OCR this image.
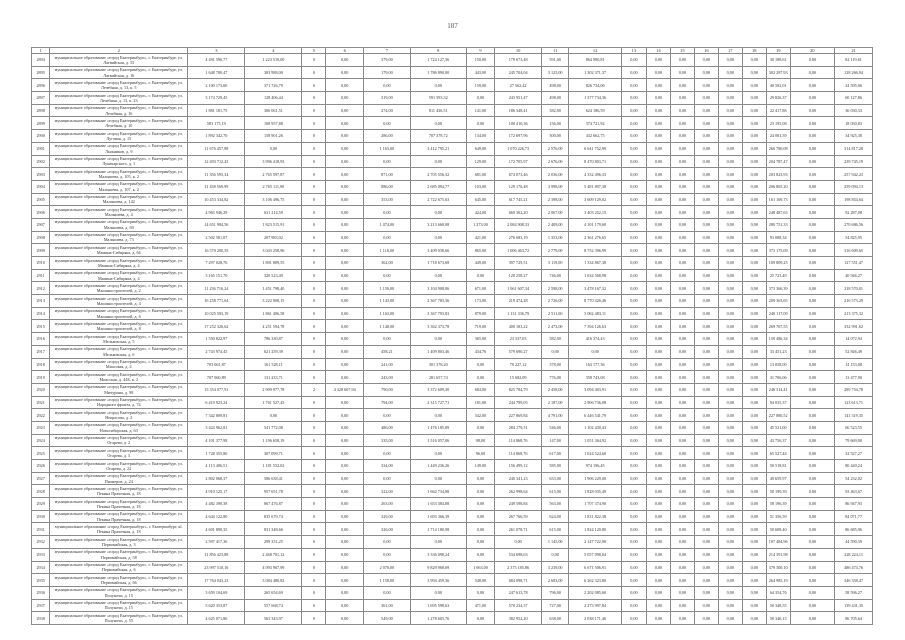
187
1	2	3	4	5	6	7	8	9	10	11	12	13	14	15	16	17	18	19	20	21
2894	муниципальное образование «город Екатеринбург», г. Екатеринбург, ул. Латвийская, д. 55	4 491 596,77	1 223 510,00	0	0,00	379,00	1 724 127,36	150,00	179 673,48	591,00	864 980,81	0,00	0,00	0,00	0,00	0,00	0,00	30 188,61	0,00	82 119,61
2895	муниципальное образование «город Екатеринбург», г. Екатеринбург, ул. Латвийская, д. 16	1 648 700,47	383 988,00	0	0,00	179,00	1 786 890,00	443,00	245 704,04	3 125,00	1 302 371,37	0,00	0,00	0,00	0,00	0,00	0,00	302 297,93	0,00	128 266,94
2896	муниципальное образование «город Екатеринбург», г. Екатеринбург, ул. Лечебная, д. 13, к. 5	2 100 173,60	371 726,79	0	0,00	0,00	0,00	159,00	27 562,42	498,00	826 734,06	0,00	0,00	0,00	0,00	0,00	0,00	40 582,01	0,00	24 595,06
2897	муниципальное образование «город Екатеринбург», г. Екатеринбург, ул. Лечебная, д. 13, к. 23	3 174 729,45	128 406,44	0	0,00	319,00	591 593,32	0,00	243 951,47	498,00	1 377 734,36	0,00	0,00	0,00	0,00	0,00	0,00	29 826,37	0,00	60 127,86
2898	муниципальное образование «город Екатеринбург», г. Екатеринбург, ул. Лечебная, д. 16	1 881 181,75	306 061,51	0	0,00	274,00	811 436,51	141,00	186 348,41	382,00	624 186,59	0,00	0,00	0,00	0,00	0,00	0,00	22 417,86	0,00	36 030,33
2899	муниципальное образование «город Екатеринбург», г. Екатеринбург, ул. Лечебная, д. 10	583 175,19	108 957,88	0	0,00	0,00	0,00	0,00	100 410,36	156,00	374 721,92	0,00	0,00	0,00	0,00	0,00	0,00	23 195,08	0,00	18 030,83
2900	муниципальное образование «город Екатеринбург», г. Екатеринбург, ул. Луговая, д. 15	1 892 342,70	158 901,26	0	0,00	286,00	707 378,72	134,00	172 697,96	300,00	432 662,75	0,00	0,00	0,00	0,00	0,00	0,00	24 081,39	0,00	34 925,38
2901	муниципальное образование «город Екатеринбург», г. Екатеринбург, ул. Лыжников, д. 9	11 676 457,98	0,00	0	0,00	1 163,00	3 412 795,21	649,00	1 070 226,73	2 576,00	6 641 752,99	0,00	0,00	0,00	0,00	0,00	0,00	266 780,08	0,00	314 817,28
2902	муниципальное образование «город Екатеринбург», г. Екатеринбург, ул. Луначарского, д. 1	12 493 712,43	3 996 418,93	0	0,00	0,00	0,00	129,00	172 705,97	2 676,00	8 470 803,71	0,00	0,00	0,00	0,00	0,00	0,00	204 787,47	0,00	239 745,19
2903	муниципальное образование «город Екатеринбург», г. Екатеринбург, ул. Малышева, д. 105, к. 2	11 356 595,34	2 765 597,87	0	0,00	871,00	2 705 556,32	681,00	674 073,46	2 036,00	4 352 496,33	0,00	0,00	0,00	0,00	0,00	0,00	203 823,93	0,00	257 942,23
2904	муниципальное образование «город Екатеринбург», г. Екатеринбург, ул. Малышева, д. 107, к. 2	11 438 569,99	2 765 111,90	0	0,00	886,00	2 685 094,77	103,00	129 176,48	3 998,00	5 481 807,38	0,00	0,00	0,00	0,00	0,00	0,00	206 865,20	0,00	259 094,13
2905	муниципальное образование «город Екатеринбург», г. Екатеринбург, ул. Малышева, д. 142	10 453 334,82	3 106 496,75	0	0,00	353,00	2 722 675,63	645,00	617 745,21	2 398,00	3 609 129,02	0,00	0,00	0,00	0,00	0,00	0,00	161 169,73	0,00	198 854,64
2906	муниципальное образование «город Екатеринбург», г. Екатеринбург, ул. Малышева, д. 4	4 963 946,29	631 214,59	0	0,00	0,00	0,00	424,00	669 302,20	2 067,00	3 403 252,15	0,00	0,00	0,00	0,00	0,00	0,00	248 487,63	0,00	92 287,08
2907	муниципальное образование «город Екатеринбург», г. Екатеринбург, ул. Малышева, д. 69	14 651 984,56	1 823 515,91	0	0,00	1 074,00	3 213 660,08	1 273,00	2 084 908,33	2 409,00	4 101 179,60	0,00	0,00	0,00	0,00	0,00	0,00	280 751,33	0,00	270 686,56
2908	муниципальное образование «город Екатеринбург», г. Екатеринбург, ул. Малышева, д. 73	2 502 581,07	207 983,02	0	0,00	0,00	0,00	421,00	276 683,19	1 353,00	2 361 276,65	0,00	0,00	0,00	0,00	0,00	0,00	93 088,34	0,00	54 825,95
2909	муниципальное образование «город Екатеринбург», г. Екатеринбург, ул. Мамина-Сибиряка, д. 64	16 570 200,55	3 043 258,96	0	0,00	1 116,00	3 409 038,66	865,00	1 006 463,72	2 779,00	8 752 396,99	0,00	0,00	0,00	0,00	0,00	0,00	373 175,09	0,00	316 609,65
2910	муниципальное образование «город Екатеринбург», г. Екатеринбург, ул. Мамина-Сибиряка, д. 4	7 297 028,76	1 801 889,55	0	0,00	362,00	1 718 673,68	449,00	397 729,51	3 119,00	1 334 867,38	0,00	0,00	0,00	0,00	0,00	0,00	109 809,25	0,00	127 551,47
2911	муниципальное образование «город Екатеринбург», г. Екатеринбург, ул. Мамина-Сибиряка, д. 4	3 165 151,70	320 523,49	0	0,00	0,00	0,00	0,00	120 258,27	746,00	1 634 568,98	0,00	0,00	0,00	0,00	0,00	0,00	25 723,49	0,00	40 946,27
2912	муниципальное образование «город Екатеринбург», г. Екатеринбург, ул. Машиностроителей, д. 2	11 236 716,24	1 451 798,40	0	0,00	1 150,00	3 104 908,06	671,00	1 061 607,34	2 598,00	3 478 167,32	0,00	0,00	0,00	0,00	0,00	0,00	373 366,39	0,00	218 570,01
2913	муниципальное образование «город Екатеринбург», г. Екатеринбург, ул. Машиностроителей, д. 4	16 258 771,64	3 222 008,15	0	0,00	1 143,00	2 367 783,36	173,00	219 474,28	2 726,00	8 770 426,46	0,00	0,00	0,00	0,00	0,00	0,00	209 363,65	0,00	216 573,29
2914	муниципальное образование «город Екатеринбург», г. Екатеринбург, ул. Машиностроителей, д. 6	10 025 583,19	1 861 406,58	0	0,00	1 163,00	3 367 793,83	879,00	1 131 336,79	2 511,00	5 062 483,11	0,00	0,00	0,00	0,00	0,00	0,00	240 117,09	0,00	213 375,32
2915	муниципальное образование «город Екатеринбург», г. Екатеринбург, ул. Машиностроителей, д. 8	17 252 326,62	4 251 594,78	0	0,00	1 148,00	3 362 373,78	719,00	400 183,22	2 473,00	7 394 126,63	0,00	0,00	0,00	0,00	0,00	0,00	269 767,55	0,00	332 991,62
2916	муниципальное образование «город Екатеринбург», г. Екатеринбург, ул. Мельковская, д. 5	1 550 822,97	786 330,87	0	0,00	0,00	0,00	365,00	23 337,03	582,00	416 374,43	0,00	0,00	0,00	0,00	0,00	0,00	150 486,34	0,00	14 072,94
2917	муниципальное образование «город Екатеринбург», г. Екатеринбург, ул. Мельковская, д. 6	2 743 974,45	621 259,39	0	0,00	458,21	1 409 803,46	434,76	579 690,27	0,00	0,00	0,00	0,00	0,00	0,00	0,00	0,00	33 451,23	0,00	52 846,49
2918	муниципальное образование «город Екатеринбург», г. Екатеринбург, ул. Миасская, д. 4	703 061,87	161 528,11	0	0,00	241,00	301 378,20	0,00	70 227,12	378,00	163 177,36	0,00	0,00	0,00	0,00	0,00	0,00	13 058,00	0,00	14 153,08
2919	муниципальное образование «город Екатеринбург», г. Екатеринбург, ул. Миасская, д. 44Б, к. 2	707 960,89	131 233,71	0	0,00	243,00	281 657,74	0,00	15 682,09	776,00	358 743,08	0,00	0,00	0,00	0,00	0,00	0,00	31 706,06	0,00	13 477,90
2920	муниципальное образование «город Екатеринбург», г. Екатеринбург, ул. Мичурина, д. 98	15 354 077,91	2 909 977,78	2	4 328 607,94	790,00	3 372 609,30	684,00	825 784,79	2 458,00	3 094 403,91	0,00	0,00	0,00	0,00	0,00	0,00	246 314,41	0,00	289 754,78
2921	муниципальное образование «город Екатеринбург», г. Екатеринбург, ул. Народного фронта, д. 74	6 419 923,24	1 761 527,45	0	0,00	794,00	2 315 727,71	181,00	244 799,05	2 187,00	2 906 736,08	0,00	0,00	0,00	0,00	0,00	0,00	94 035,37	0,00	123 613,71
2922	муниципальное образование «город Екатеринбург», г. Екатеринбург, ул. Некрасова, д. 2	7 342 809,81	0,00	0	0,00	0,00	0,00	342,00	227 869,84	4 791,00	6 446 541,79	0,00	0,00	0,00	0,00	0,00	0,00	227 880,52	0,00	141 319,35
2923	муниципальное образование «город Екатеринбург», г. Екатеринбург, ул. Новосибирская, д. 63	3 424 962,81	541 772,08	0	0,00	486,00	1 476 185,89	0,00	284 179,31	546,00	1 102 430,43	0,00	0,00	0,00	0,00	0,00	0,00	45 521,00	0,00	66 523,55
2924	муниципальное образование «город Екатеринбург», г. Екатеринбург, ул. Огарева, д. 2	4 101 377,98	1 196 658,19	0	0,00	335,00	1 516 057,06	98,00	114 868,76	147,00	1 051 364,92	0,00	0,00	0,00	0,00	0,00	0,00	43 756,37	0,00	79 669,00
2925	муниципальное образование «город Екатеринбург», г. Екатеринбург, ул. Огарева, д. 3	1 728 355,86	307 099,71	0	0,00	0,00	0,00	96,00	114 868,76	617,00	1 024 524,60	0,00	0,00	0,00	0,00	0,00	0,00	65 527,44	0,00	32 527,27
2926	муниципальное образование «город Екатеринбург», г. Екатеринбург, ул. Огарева, д. 22	4 113 406,51	1 181 552,02	0	0,00	334,00	1 449 236,26	149,00	156 499,12	585,00	974 196,45	0,00	0,00	0,00	0,00	0,00	0,00	50 518,81	0,00	80 440,24
2927	муниципальное образование «город Екатеринбург», г. Екатеринбург, ул. Пионеров, д. 24	2 802 068,37	586 638,41	0	0,00	0,00	0,00	0,00	240 341,23	633,00	1 906 229,00	0,00	0,00	0,00	0,00	0,00	0,00	49 659,97	0,00	54 232,02
2928	муниципальное образование «город Екатеринбург», г. Екатеринбург, ул. Пекина Прачечная, д. 18	4 910 125,17	957 651,78	0	0,00	322,00	1 662 734,98	0,00	262 998,64	615,00	1 828 035,49	0,00	0,00	0,00	0,00	0,00	0,00	50 199,39	0,00	93 463,67
2929	муниципальное образование «город Екатеринбург», г. Екатеринбург, ул. Пекина Прачечная, д. 18	4 482 390,38	867 476,87	0	0,00	263,00	1 653 384,88	0,00	249 598,84	563,00	1 707 374,90	0,00	0,00	0,00	0,00	0,00	0,00	58 196,39	0,00	86 947,93
2930	муниципальное образование «город Екатеринбург», г. Екатеринбург, ул. Пекина Прачечная, д. 18	4 644 122,80	835 679,74	0	0,00	329,00	1 693 366,39	0,00	267 766,59	624,00	1 831 822,38	0,00	0,00	0,00	0,00	0,00	0,00	51 356,59	0,00	84 071,77
2931	муниципальное образование «город Екатеринбург», г. Екатеринбург, ul. Пекина Прачечная, д. 18	4 601 890,35	831 348,66	0	0,00	326,00	1 714 180,98	0,00	261 078,71	615,00	1 824 120,80	0,00	0,00	0,00	0,00	0,00	0,00	50 608,40	0,00	86 685,96
2932	муниципальное образование «город Екатеринбург», г. Екатеринбург, ул. Первомайская, д. 3	2 597 417,36	299 331,25	0	0,00	0,00	0,00	0,00	0,00	1 145,00	2 147 722,90	0,00	0,00	0,00	0,00	0,00	0,00	107 484,96	0,00	44 590,39
2933	муниципальное образование «город Екатеринбург», г. Екатеринбург, ул. Первомайская, д. 58	11 856 423,88	2 468 701,12	0	0,00	0,00	3 336 098,24	0,00	534 698,63	0,00	5 057 098,04	0,00	0,00	0,00	0,00	0,00	0,00	214 391,98	0,00	228 224,11
2934	муниципальное образование «город Екатеринбург», г. Екатеринбург, ул. Первомайская, д. 6	23 997 510,16	4 093 907,99	0	0,00	2 070,00	9 829 968,69	1 063,00	2 375 185,86	3 239,00	6 671 506,91	0,00	0,00	0,00	0,00	0,00	0,00	379 300,10	0,00	486 474,76
2935	муниципальное образование «город Екатеринбург», г. Екатеринбург, ул. Первомайская, д. 66	17 764 043,23	3 084 480,82	0	0,00	1 158,00	3 994 459,36	548,00	684 098,71	2 683,00	6 262 323,80	0,00	0,00	0,00	0,00	0,00	0,00	264 985,19	0,00	346 358,47
2936	муниципальное образование «город Екатеринбург», г. Екатеринбург, ул. Полуночи, д. 15	3 659 104,69	265 654,69	0	0,00	0,00	0,00	0,00	247 613,78	796,00	2 202 085,60	0,00	0,00	0,00	0,00	0,00	0,00	64 354,76	0,00	58 596,27
2937	муниципальное образование «город Екатеринбург», г. Екатеринбург, ул. Полуночи, д. 15	5 620 353,87	557 668,74	0	0,00	361,00	1 695 598,63	471,00	570 234,37	727,00	2 273 997,84	0,00	0,00	0,00	0,00	0,00	0,00	50 348,55	0,00	139 431,35
2938	муниципальное образование «город Екатеринбург», г. Екатеринбург, ул. Полуночи, д. 55	4 625 071,86	563 343,97	0	0,00	549,00	1 278 603,76	0,00	382 952,20	638,00	2 038 171,46	0,00	0,00	0,00	0,00	0,00	0,00	50 346,15	0,00	86 705,64
